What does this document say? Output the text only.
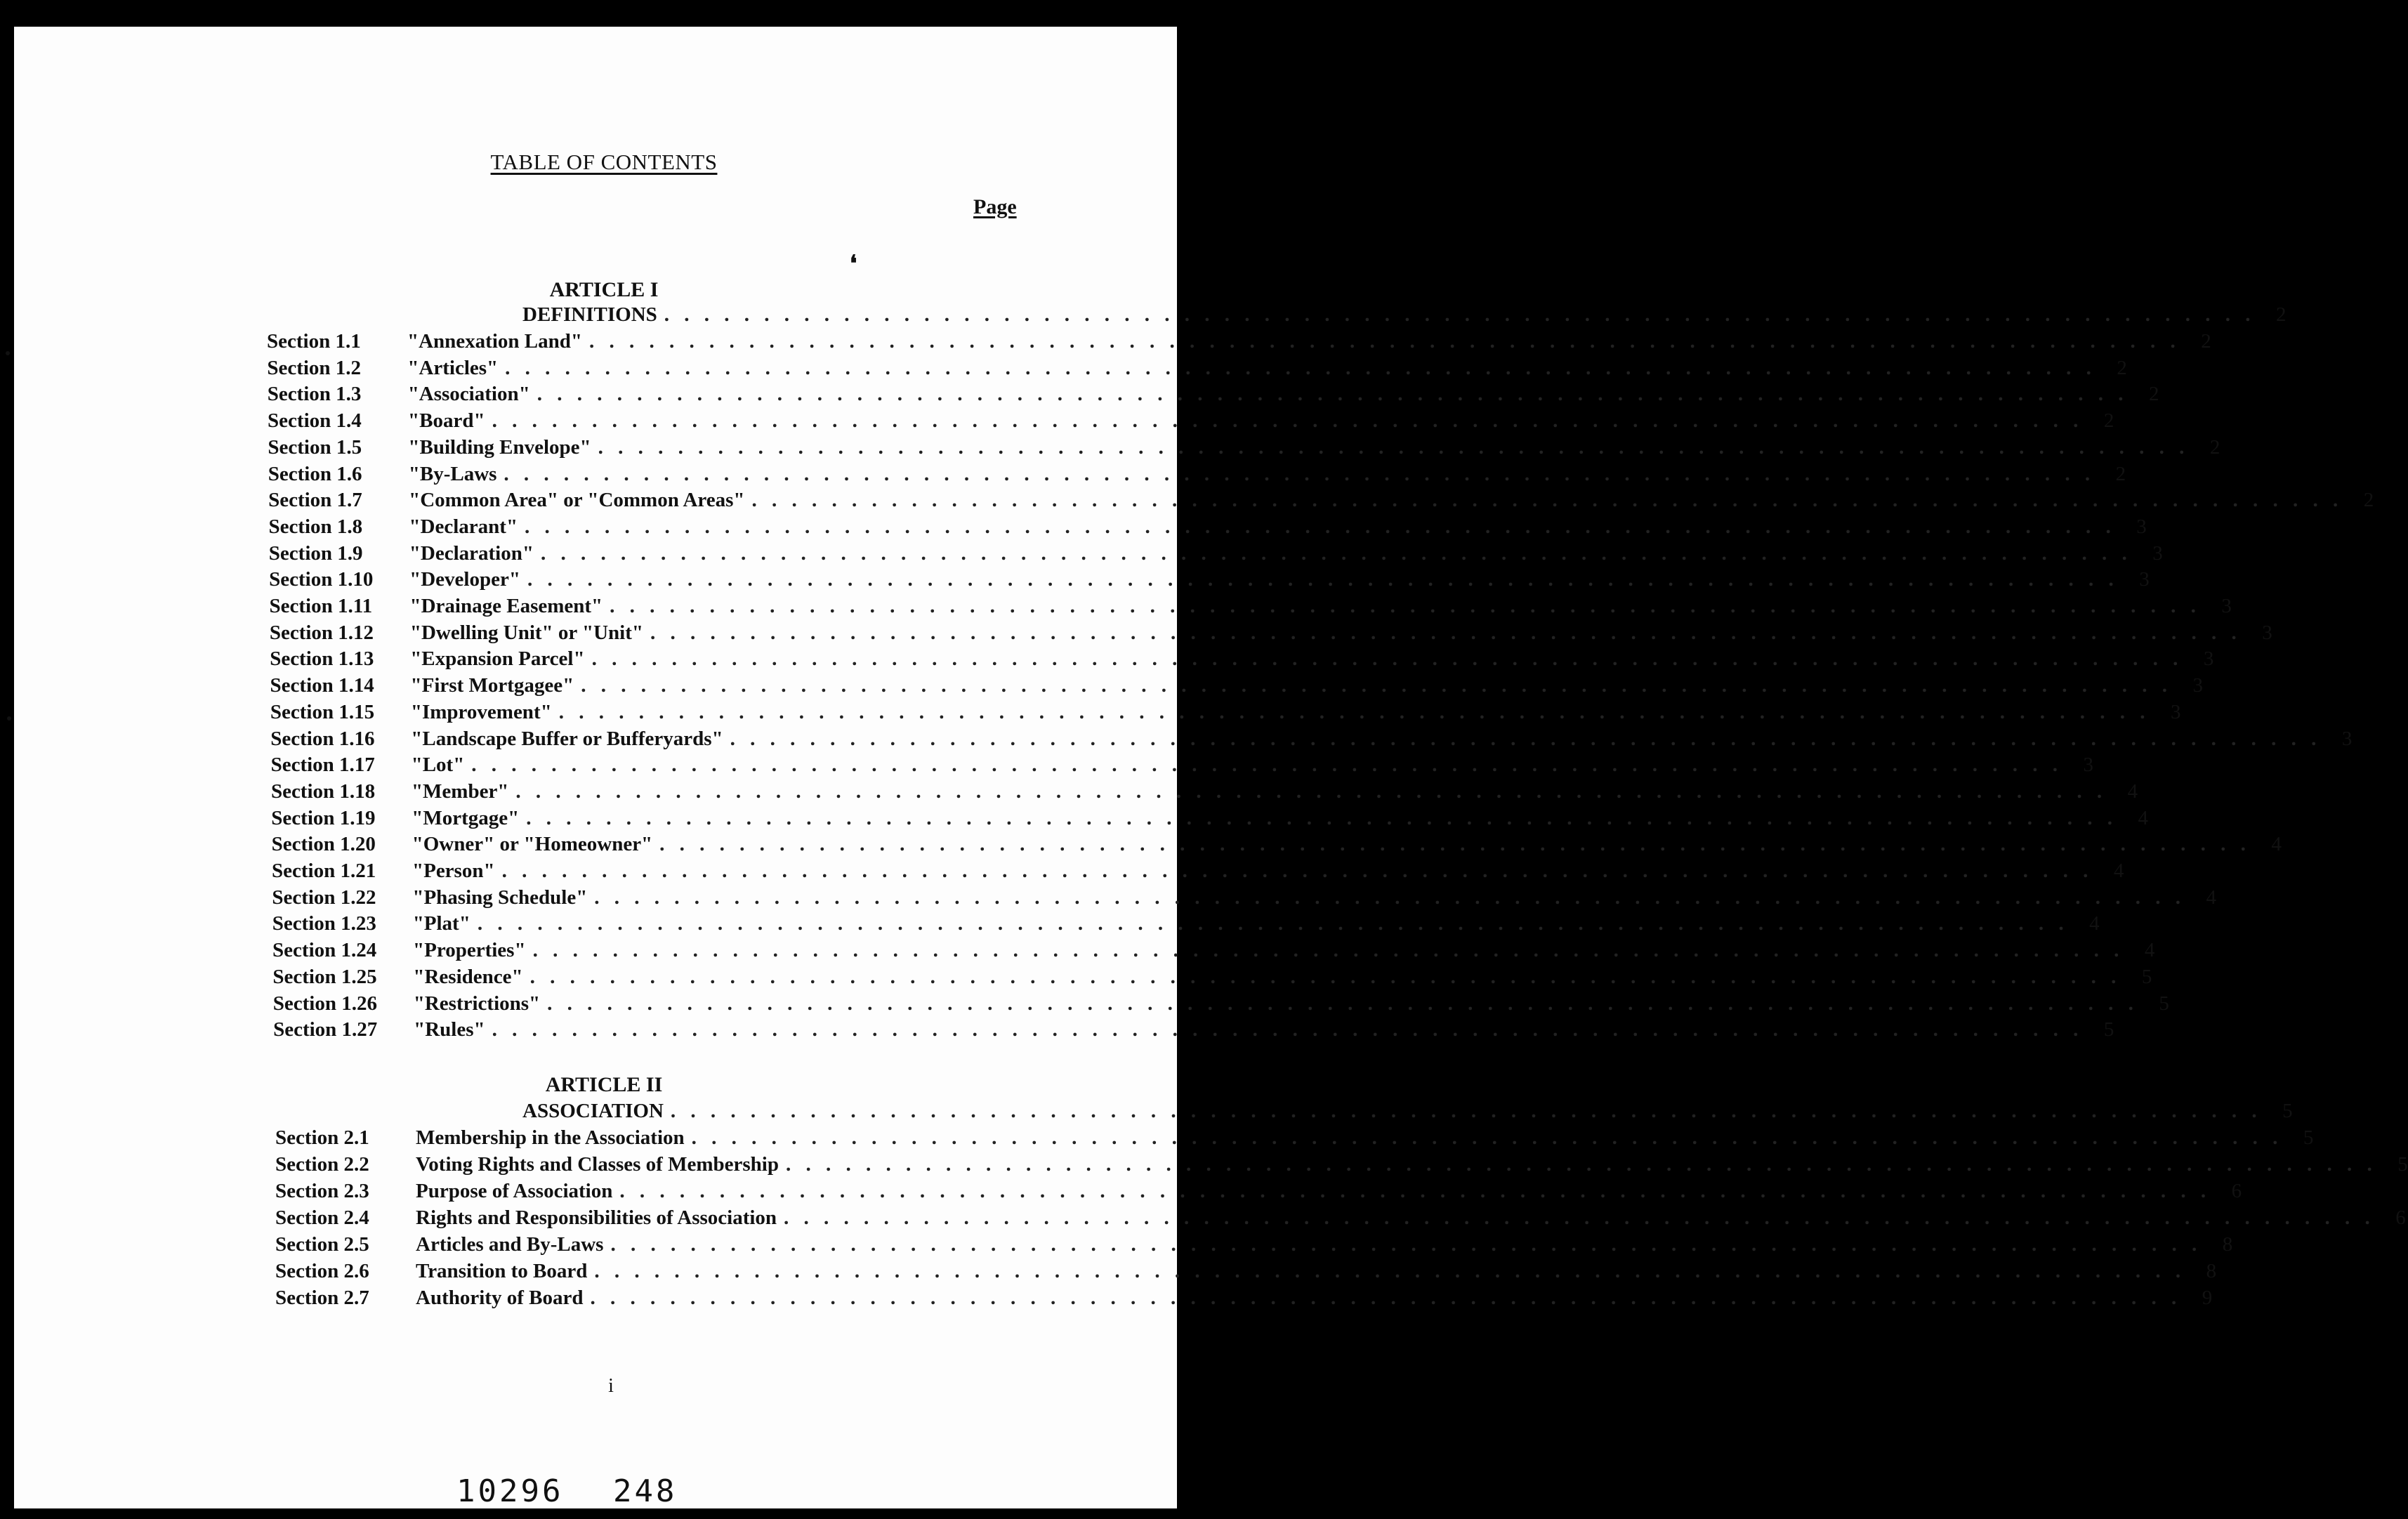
TABLE OF CONTENTS
Page
❛
ARTICLE I
DEFINITIONS . . . . . . . . . . . . . . . . . . . . . . . . . . . . . . . . . . . . . . . . . . . . . . . . . . . . . . . . . . . . . . . . . . . . . . . . . . . . . . . .	2
Section 1.1	"Annexation Land" . . . . . . . . . . . . . . . . . . . . . . . . . . . . . . . . . . . . . . . . . . . . . . . . . . . . . . . . . . . . . . . . . . . . . . . . . . . . . . . .	2
Section 1.2	"Articles" . . . . . . . . . . . . . . . . . . . . . . . . . . . . . . . . . . . . . . . . . . . . . . . . . . . . . . . . . . . . . . . . . . . . . . . . . . . . . . . .	2
Section 1.3	"Association" . . . . . . . . . . . . . . . . . . . . . . . . . . . . . . . . . . . . . . . . . . . . . . . . . . . . . . . . . . . . . . . . . . . . . . . . . . . . . . . .	2
Section 1.4	"Board" . . . . . . . . . . . . . . . . . . . . . . . . . . . . . . . . . . . . . . . . . . . . . . . . . . . . . . . . . . . . . . . . . . . . . . . . . . . . . . . .	2
Section 1.5	"Building Envelope" . . . . . . . . . . . . . . . . . . . . . . . . . . . . . . . . . . . . . . . . . . . . . . . . . . . . . . . . . . . . . . . . . . . . . . . . . . . . . . . .	2
Section 1.6	"By-Laws . . . . . . . . . . . . . . . . . . . . . . . . . . . . . . . . . . . . . . . . . . . . . . . . . . . . . . . . . . . . . . . . . . . . . . . . . . . . . . . .	2
Section 1.7	"Common Area" or "Common Areas" . . . . . . . . . . . . . . . . . . . . . . . . . . . . . . . . . . . . . . . . . . . . . . . . . . . . . . . . . . . . . . . . . . . . . . . . . . . . . . . .	2
Section 1.8	"Declarant" . . . . . . . . . . . . . . . . . . . . . . . . . . . . . . . . . . . . . . . . . . . . . . . . . . . . . . . . . . . . . . . . . . . . . . . . . . . . . . . .	3
Section 1.9	"Declaration" . . . . . . . . . . . . . . . . . . . . . . . . . . . . . . . . . . . . . . . . . . . . . . . . . . . . . . . . . . . . . . . . . . . . . . . . . . . . . . . .	3
Section 1.10	"Developer" . . . . . . . . . . . . . . . . . . . . . . . . . . . . . . . . . . . . . . . . . . . . . . . . . . . . . . . . . . . . . . . . . . . . . . . . . . . . . . . .	3
Section 1.11	"Drainage Easement" . . . . . . . . . . . . . . . . . . . . . . . . . . . . . . . . . . . . . . . . . . . . . . . . . . . . . . . . . . . . . . . . . . . . . . . . . . . . . . . .	3
Section 1.12	"Dwelling Unit" or "Unit" . . . . . . . . . . . . . . . . . . . . . . . . . . . . . . . . . . . . . . . . . . . . . . . . . . . . . . . . . . . . . . . . . . . . . . . . . . . . . . . .	3
Section 1.13	"Expansion Parcel" . . . . . . . . . . . . . . . . . . . . . . . . . . . . . . . . . . . . . . . . . . . . . . . . . . . . . . . . . . . . . . . . . . . . . . . . . . . . . . . .	3
Section 1.14	"First Mortgagee" . . . . . . . . . . . . . . . . . . . . . . . . . . . . . . . . . . . . . . . . . . . . . . . . . . . . . . . . . . . . . . . . . . . . . . . . . . . . . . . .	3
Section 1.15	"Improvement" . . . . . . . . . . . . . . . . . . . . . . . . . . . . . . . . . . . . . . . . . . . . . . . . . . . . . . . . . . . . . . . . . . . . . . . . . . . . . . . .	3
Section 1.16	"Landscape Buffer or Bufferyards" . . . . . . . . . . . . . . . . . . . . . . . . . . . . . . . . . . . . . . . . . . . . . . . . . . . . . . . . . . . . . . . . . . . . . . . . . . . . . . . .	3
Section 1.17	"Lot" . . . . . . . . . . . . . . . . . . . . . . . . . . . . . . . . . . . . . . . . . . . . . . . . . . . . . . . . . . . . . . . . . . . . . . . . . . . . . . . .	3
Section 1.18	"Member" . . . . . . . . . . . . . . . . . . . . . . . . . . . . . . . . . . . . . . . . . . . . . . . . . . . . . . . . . . . . . . . . . . . . . . . . . . . . . . . .	4
Section 1.19	"Mortgage" . . . . . . . . . . . . . . . . . . . . . . . . . . . . . . . . . . . . . . . . . . . . . . . . . . . . . . . . . . . . . . . . . . . . . . . . . . . . . . . .	4
Section 1.20	"Owner" or "Homeowner" . . . . . . . . . . . . . . . . . . . . . . . . . . . . . . . . . . . . . . . . . . . . . . . . . . . . . . . . . . . . . . . . . . . . . . . . . . . . . . . .	4
Section 1.21	"Person" . . . . . . . . . . . . . . . . . . . . . . . . . . . . . . . . . . . . . . . . . . . . . . . . . . . . . . . . . . . . . . . . . . . . . . . . . . . . . . . .	4
Section 1.22	"Phasing Schedule" . . . . . . . . . . . . . . . . . . . . . . . . . . . . . . . . . . . . . . . . . . . . . . . . . . . . . . . . . . . . . . . . . . . . . . . . . . . . . . . .	4
Section 1.23	"Plat" . . . . . . . . . . . . . . . . . . . . . . . . . . . . . . . . . . . . . . . . . . . . . . . . . . . . . . . . . . . . . . . . . . . . . . . . . . . . . . . .	4
Section 1.24	"Properties" . . . . . . . . . . . . . . . . . . . . . . . . . . . . . . . . . . . . . . . . . . . . . . . . . . . . . . . . . . . . . . . . . . . . . . . . . . . . . . . .	4
Section 1.25	"Residence" . . . . . . . . . . . . . . . . . . . . . . . . . . . . . . . . . . . . . . . . . . . . . . . . . . . . . . . . . . . . . . . . . . . . . . . . . . . . . . . .	5
Section 1.26	"Restrictions" . . . . . . . . . . . . . . . . . . . . . . . . . . . . . . . . . . . . . . . . . . . . . . . . . . . . . . . . . . . . . . . . . . . . . . . . . . . . . . . .	5
Section 1.27	"Rules" . . . . . . . . . . . . . . . . . . . . . . . . . . . . . . . . . . . . . . . . . . . . . . . . . . . . . . . . . . . . . . . . . . . . . . . . . . . . . . . .	5
ARTICLE II
ASSOCIATION . . . . . . . . . . . . . . . . . . . . . . . . . . . . . . . . . . . . . . . . . . . . . . . . . . . . . . . . . . . . . . . . . . . . . . . . . . . . . . . .	5
Section 2.1	Membership in the Association . . . . . . . . . . . . . . . . . . . . . . . . . . . . . . . . . . . . . . . . . . . . . . . . . . . . . . . . . . . . . . . . . . . . . . . . . . . . . . . .	5
Section 2.2	Voting Rights and Classes of Membership . . . . . . . . . . . . . . . . . . . . . . . . . . . . . . . . . . . . . . . . . . . . . . . . . . . . . . . . . . . . . . . . . . . . . . . . . . . . . . . .	5
Section 2.3	Purpose of Association . . . . . . . . . . . . . . . . . . . . . . . . . . . . . . . . . . . . . . . . . . . . . . . . . . . . . . . . . . . . . . . . . . . . . . . . . . . . . . . .	6
Section 2.4	Rights and Responsibilities of Association . . . . . . . . . . . . . . . . . . . . . . . . . . . . . . . . . . . . . . . . . . . . . . . . . . . . . . . . . . . . . . . . . . . . . . . . . . . . . . . .	6
Section 2.5	Articles and By-Laws . . . . . . . . . . . . . . . . . . . . . . . . . . . . . . . . . . . . . . . . . . . . . . . . . . . . . . . . . . . . . . . . . . . . . . . . . . . . . . . .	8
Section 2.6	Transition to Board . . . . . . . . . . . . . . . . . . . . . . . . . . . . . . . . . . . . . . . . . . . . . . . . . . . . . . . . . . . . . . . . . . . . . . . . . . . . . . . .	8
Section 2.7	Authority of Board . . . . . . . . . . . . . . . . . . . . . . . . . . . . . . . . . . . . . . . . . . . . . . . . . . . . . . . . . . . . . . . . . . . . . . . . . . . . . . . .	9
i
10296 248
